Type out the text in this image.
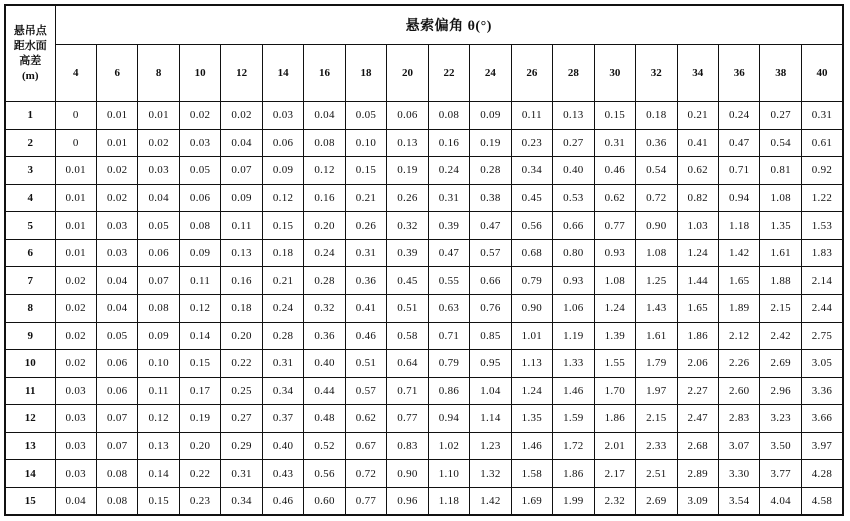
悬吊点
距水面
高差
(m)	悬索偏角 θ(°)																		
	4	6	8	10	12	14	16	18	20	22	24	26	28	30	32	34	36	38	40
1	0	0.01	0.01	0.02	0.02	0.03	0.04	0.05	0.06	0.08	0.09	0.11	0.13	0.15	0.18	0.21	0.24	0.27	0.31
2	0	0.01	0.02	0.03	0.04	0.06	0.08	0.10	0.13	0.16	0.19	0.23	0.27	0.31	0.36	0.41	0.47	0.54	0.61
3	0.01	0.02	0.03	0.05	0.07	0.09	0.12	0.15	0.19	0.24	0.28	0.34	0.40	0.46	0.54	0.62	0.71	0.81	0.92
4	0.01	0.02	0.04	0.06	0.09	0.12	0.16	0.21	0.26	0.31	0.38	0.45	0.53	0.62	0.72	0.82	0.94	1.08	1.22
5	0.01	0.03	0.05	0.08	0.11	0.15	0.20	0.26	0.32	0.39	0.47	0.56	0.66	0.77	0.90	1.03	1.18	1.35	1.53
6	0.01	0.03	0.06	0.09	0.13	0.18	0.24	0.31	0.39	0.47	0.57	0.68	0.80	0.93	1.08	1.24	1.42	1.61	1.83
7	0.02	0.04	0.07	0.11	0.16	0.21	0.28	0.36	0.45	0.55	0.66	0.79	0.93	1.08	1.25	1.44	1.65	1.88	2.14
8	0.02	0.04	0.08	0.12	0.18	0.24	0.32	0.41	0.51	0.63	0.76	0.90	1.06	1.24	1.43	1.65	1.89	2.15	2.44
9	0.02	0.05	0.09	0.14	0.20	0.28	0.36	0.46	0.58	0.71	0.85	1.01	1.19	1.39	1.61	1.86	2.12	2.42	2.75
10	0.02	0.06	0.10	0.15	0.22	0.31	0.40	0.51	0.64	0.79	0.95	1.13	1.33	1.55	1.79	2.06	2.26	2.69	3.05
11	0.03	0.06	0.11	0.17	0.25	0.34	0.44	0.57	0.71	0.86	1.04	1.24	1.46	1.70	1.97	2.27	2.60	2.96	3.36
12	0.03	0.07	0.12	0.19	0.27	0.37	0.48	0.62	0.77	0.94	1.14	1.35	1.59	1.86	2.15	2.47	2.83	3.23	3.66
13	0.03	0.07	0.13	0.20	0.29	0.40	0.52	0.67	0.83	1.02	1.23	1.46	1.72	2.01	2.33	2.68	3.07	3.50	3.97
14	0.03	0.08	0.14	0.22	0.31	0.43	0.56	0.72	0.90	1.10	1.32	1.58	1.86	2.17	2.51	2.89	3.30	3.77	4.28
15	0.04	0.08	0.15	0.23	0.34	0.46	0.60	0.77	0.96	1.18	1.42	1.69	1.99	2.32	2.69	3.09	3.54	4.04	4.58
